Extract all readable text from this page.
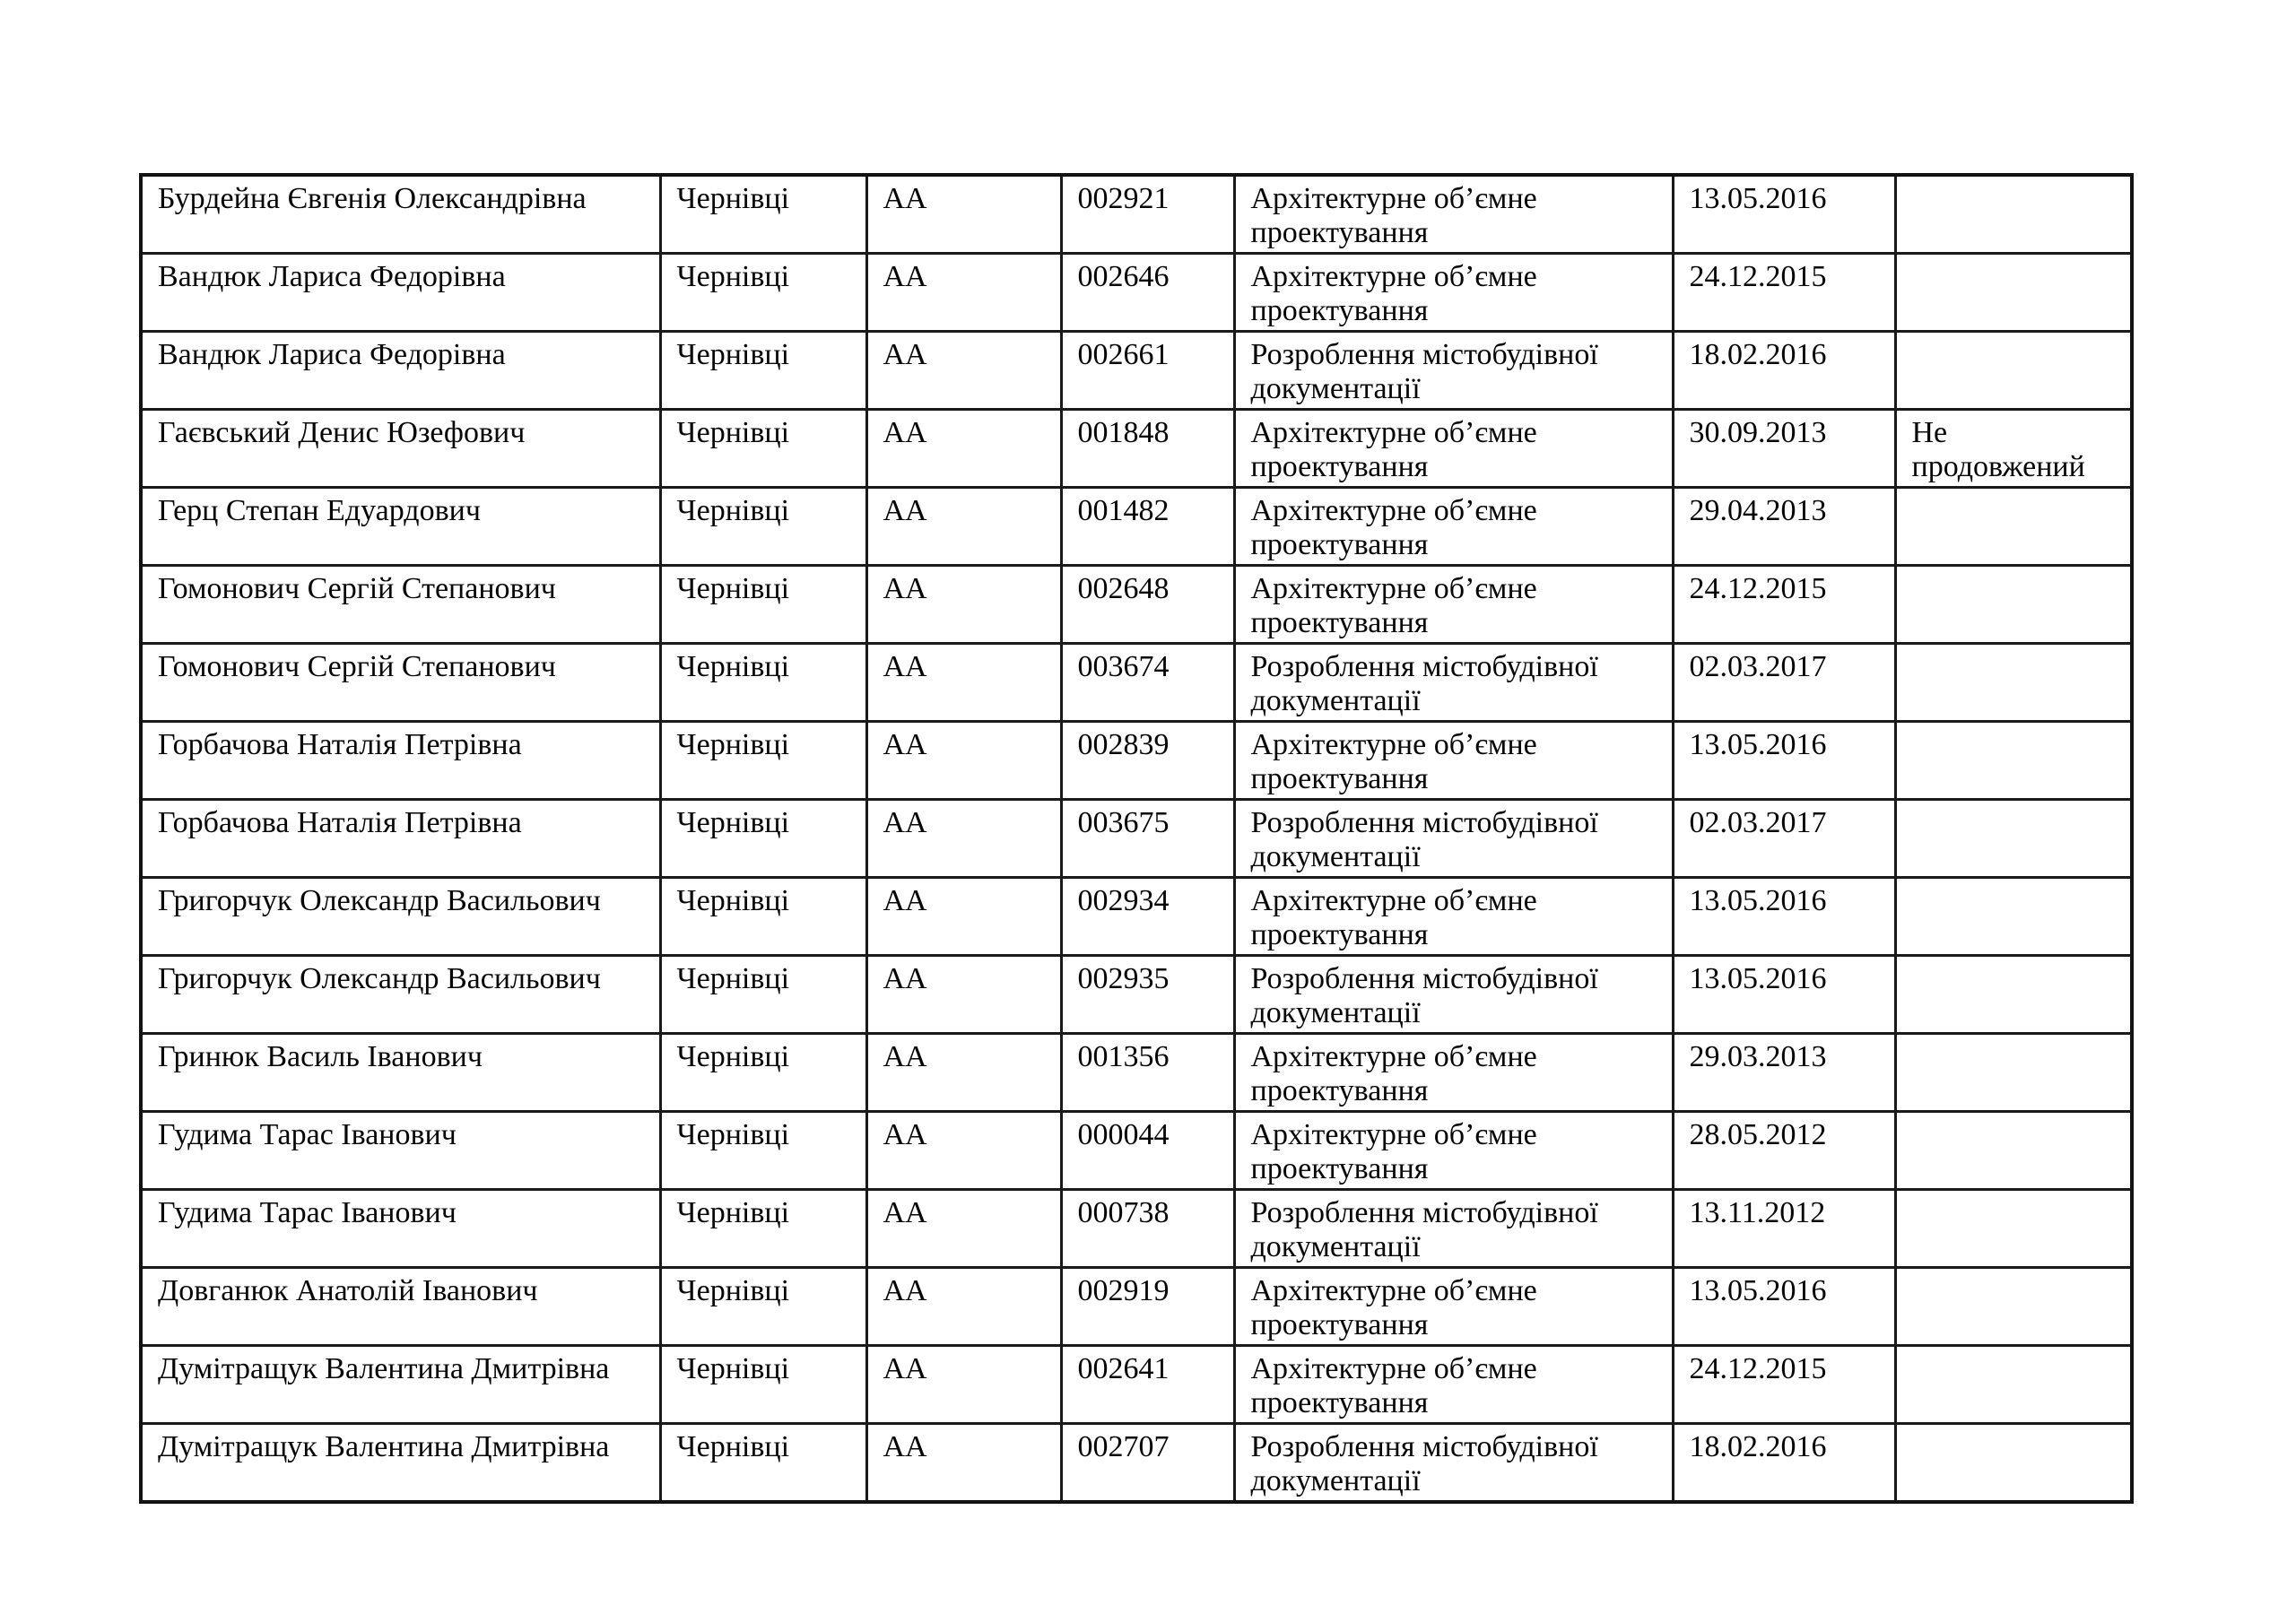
Бурдейна Євгенія Олександрівна	Чернівці	АА	002921	Архітектурне об’ємне проектування	13.05.2016	
Вандюк Лариса Федорівна	Чернівці	АА	002646	Архітектурне об’ємне проектування	24.12.2015	
Вандюк Лариса Федорівна	Чернівці	АА	002661	Розроблення містобудівної документації	18.02.2016	
Гаєвський Денис Юзефович	Чернівці	АА	001848	Архітектурне об’ємне проектування	30.09.2013	Не продовжений
Герц Степан Едуардович	Чернівці	АА	001482	Архітектурне об’ємне проектування	29.04.2013	
Гомонович Сергій Степанович	Чернівці	АА	002648	Архітектурне об’ємне проектування	24.12.2015	
Гомонович Сергій Степанович	Чернівці	АА	003674	Розроблення містобудівної документації	02.03.2017	
Горбачова Наталія Петрівна	Чернівці	АА	002839	Архітектурне об’ємне проектування	13.05.2016	
Горбачова Наталія Петрівна	Чернівці	АА	003675	Розроблення містобудівної документації	02.03.2017	
Григорчук Олександр Васильович	Чернівці	АА	002934	Архітектурне об’ємне проектування	13.05.2016	
Григорчук Олександр Васильович	Чернівці	АА	002935	Розроблення містобудівної документації	13.05.2016	
Гринюк Василь Іванович	Чернівці	АА	001356	Архітектурне об’ємне проектування	29.03.2013	
Гудима Тарас Іванович	Чернівці	АА	000044	Архітектурне об’ємне проектування	28.05.2012	
Гудима Тарас Іванович	Чернівці	АА	000738	Розроблення містобудівної документації	13.11.2012	
Довганюк Анатолій Іванович	Чернівці	АА	002919	Архітектурне об’ємне проектування	13.05.2016	
Думітращук Валентина Дмитрівна	Чернівці	АА	002641	Архітектурне об’ємне проектування	24.12.2015	
Думітращук Валентина Дмитрівна	Чернівці	АА	002707	Розроблення містобудівної документації	18.02.2016	
